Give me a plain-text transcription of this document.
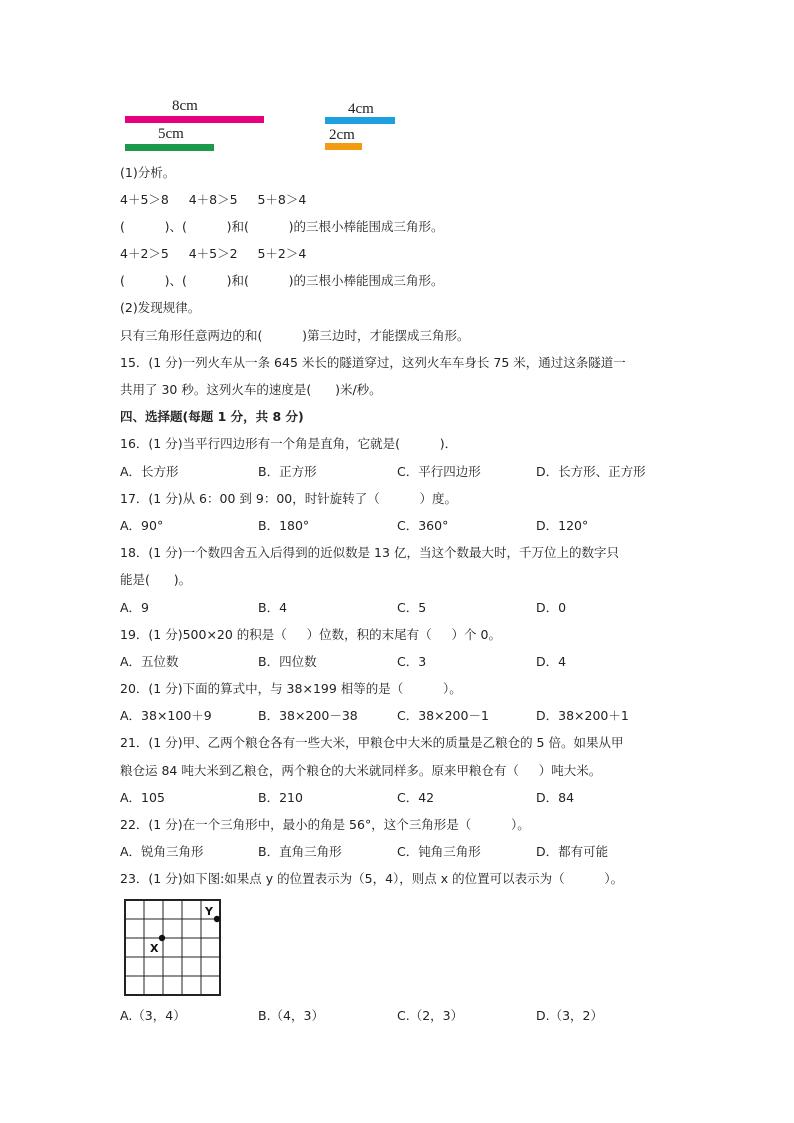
8cm
5cm
4cm
2cm
(1)分析。
4＋5＞8     4＋8＞5     5＋8＞4
(          )、(          )和(          )的三根小棒能围成三角形。
4＋2＞5     4＋5＞2     5＋2＞4
(          )、(          )和(          )的三根小棒能围成三角形。
(2)发现规律。
只有三角形任意两边的和(          )第三边时，才能摆成三角形。
15．(1 分)一列火车从一条 645 米长的隧道穿过，这列火车车身长 75 米，通过这条隧道一
共用了 30 秒。这列火车的速度是(      )米/秒。
四、选择题(每题 1 分，共 8 分)
16．(1 分)当平行四边形有一个角是直角，它就是(          )．
A．长方形	B．正方形	C．平行四边形	D．长方形、正方形
17．(1 分)从 6：00 到 9：00，时针旋转了（          ）度。
A．90°	B．180°	C．360°	D．120°
18．(1 分)一个数四舍五入后得到的近似数是 13 亿，当这个数最大时，千万位上的数字只
能是(      )。
A．9	B．4	C．5	D．0
19．(1 分)500×20 的积是（     ）位数，积的末尾有（     ）个 0。
A．五位数	B．四位数	C．3	D．4
20．(1 分)下面的算式中，与 38×199 相等的是（          ）。
A．38×100＋9	B．38×200－38	C．38×200－1	D．38×200＋1
21．(1 分)甲、乙两个粮仓各有一些大米，甲粮仓中大米的质量是乙粮仓的 5 倍。如果从甲
粮仓运 84 吨大米到乙粮仓，两个粮仓的大米就同样多。原来甲粮仓有（     ）吨大米。
A．105	B．210	C．42	D．84
22．(1 分)在一个三角形中，最小的角是 56°，这个三角形是（          ）。
A．锐角三角形	B．直角三角形	C．钝角三角形	D．都有可能
23．(1 分)如下图:如果点 y 的位置表示为（5，4），则点 x 的位置可以表示为（          ）。
Y
X
A.（3，4）	B.（4，3）	C.（2，3）	D.（3，2）
